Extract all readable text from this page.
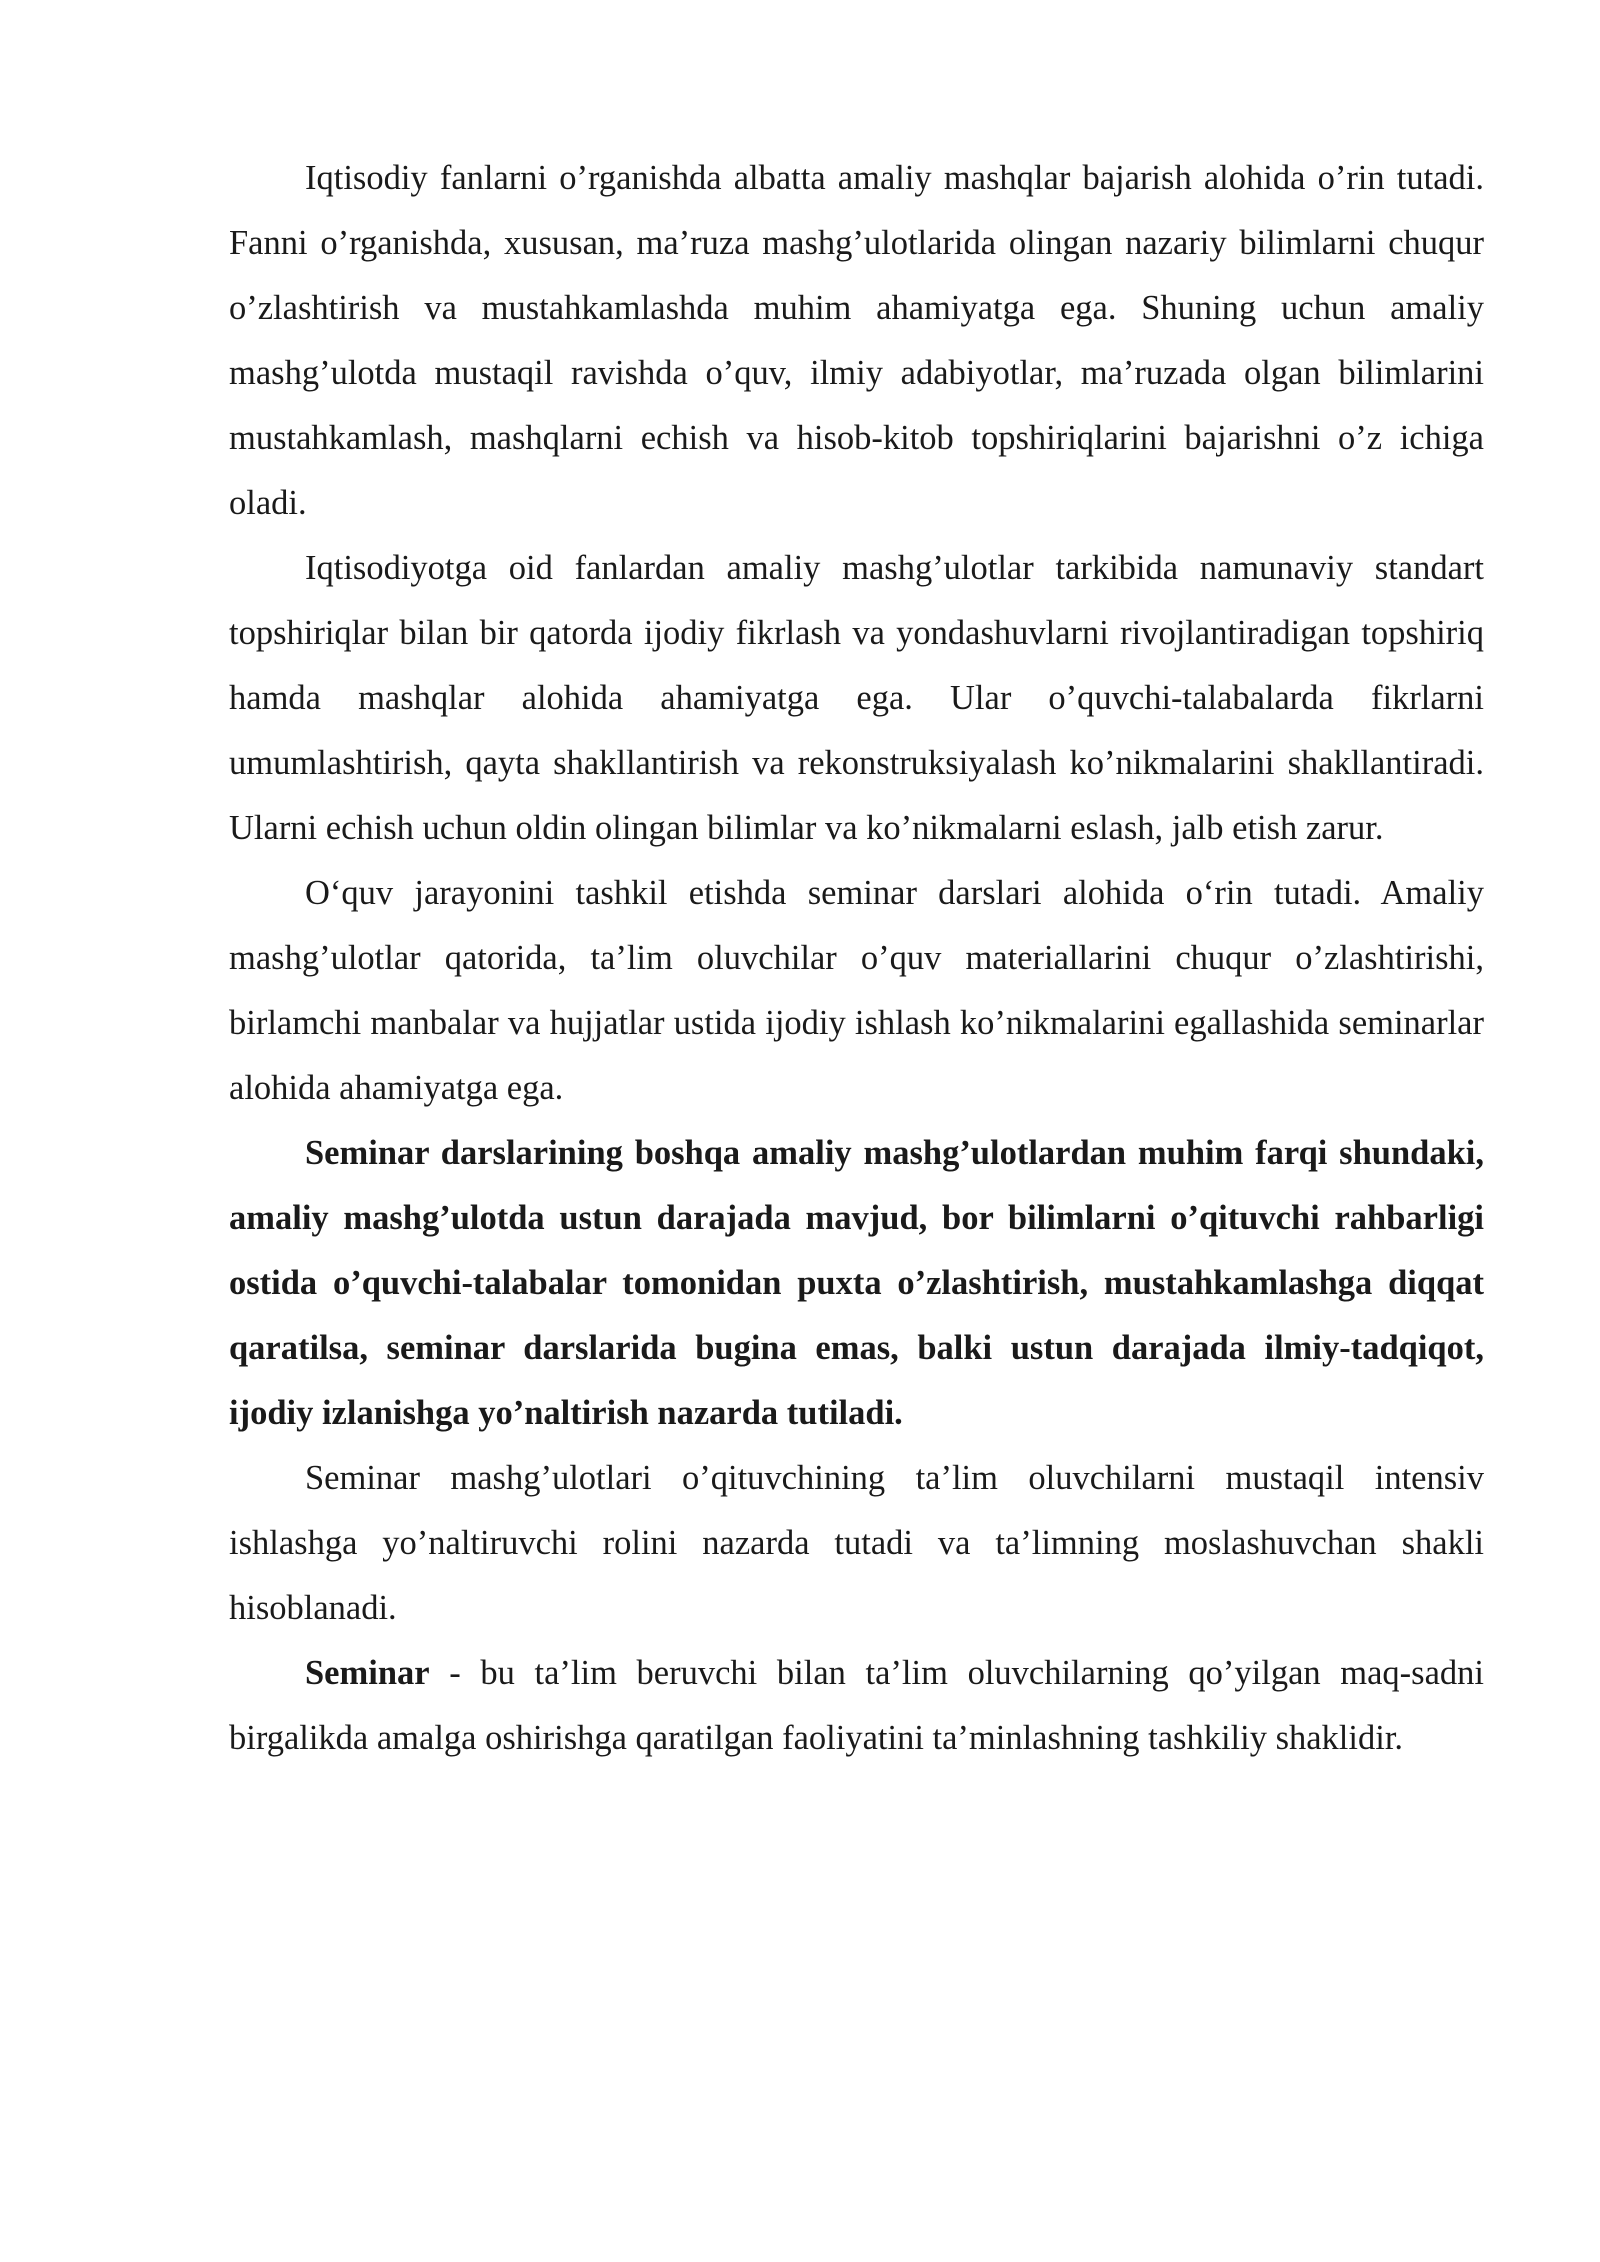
Iqtisodiy fanlarni o’rganishda albatta amaliy mashqlar bajarish alohida o’rin tutadi. Fanni o’rganishda, xususan, ma’ruza mashg’ulotlarida olingan nazariy bilimlarni chuqur o’zlashtirish va mustahkamlashda muhim ahamiyatga ega. Shuning uchun amaliy mashg’ulotda mustaqil ravishda o’quv, ilmiy adabiyotlar, ma’ruzada olgan bilimlarini mustahkamlash, mashqlarni echish va hisob-kitob topshiriqlarini bajarishni o’z ichiga oladi.

Iqtisodiyotga oid fanlardan amaliy mashg’ulotlar tarkibida namunaviy standart topshiriqlar bilan bir qatorda ijodiy fikrlash va yondashuvlarni rivojlantiradigan topshiriq hamda mashqlar alohida ahamiyatga ega. Ular o’quvchi-talabalarda fikrlarni umumlashtirish, qayta shakllantirish va rekonstruksiyalash ko’nikmalarini shakllantiradi. Ularni echish uchun oldin olingan bilimlar va ko’nikmalarni eslash, jalb etish zarur.

O‘quv jarayonini tashkil etishda seminar darslari alohida o‘rin tutadi. Amaliy mashg’ulotlar qatorida, ta’lim oluvchilar o’quv materiallarini chuqur o’zlashtirishi, birlamchi manbalar va hujjatlar ustida ijodiy ishlash ko’nikmalarini egallashida seminarlar alohida ahamiyatga ega.

Seminar darslarining boshqa amaliy mashg’ulotlardan muhim farqi shundaki, amaliy mashg’ulotda ustun darajada mavjud, bor bilimlarni o’qituvchi rahbarligi ostida o’quvchi-talabalar tomonidan puxta o’zlashtirish, mustahkamlashga diqqat qaratilsa, seminar darslarida bugina emas, balki ustun darajada ilmiy-tadqiqot, ijodiy izlanishga yo’naltirish nazarda tutiladi.

Seminar mashg’ulotlari o’qituvchining ta’lim oluvchilarni mustaqil intensiv ishlashga yo’naltiruvchi rolini nazarda tutadi va ta’limning moslashuvchan shakli hisoblanadi.

Seminar - bu ta’lim beruvchi bilan ta’lim oluvchilarning qo’yilgan maq-sadni birgalikda amalga oshirishga qaratilgan faoliyatini ta’minlashning tashkiliy shaklidir.
